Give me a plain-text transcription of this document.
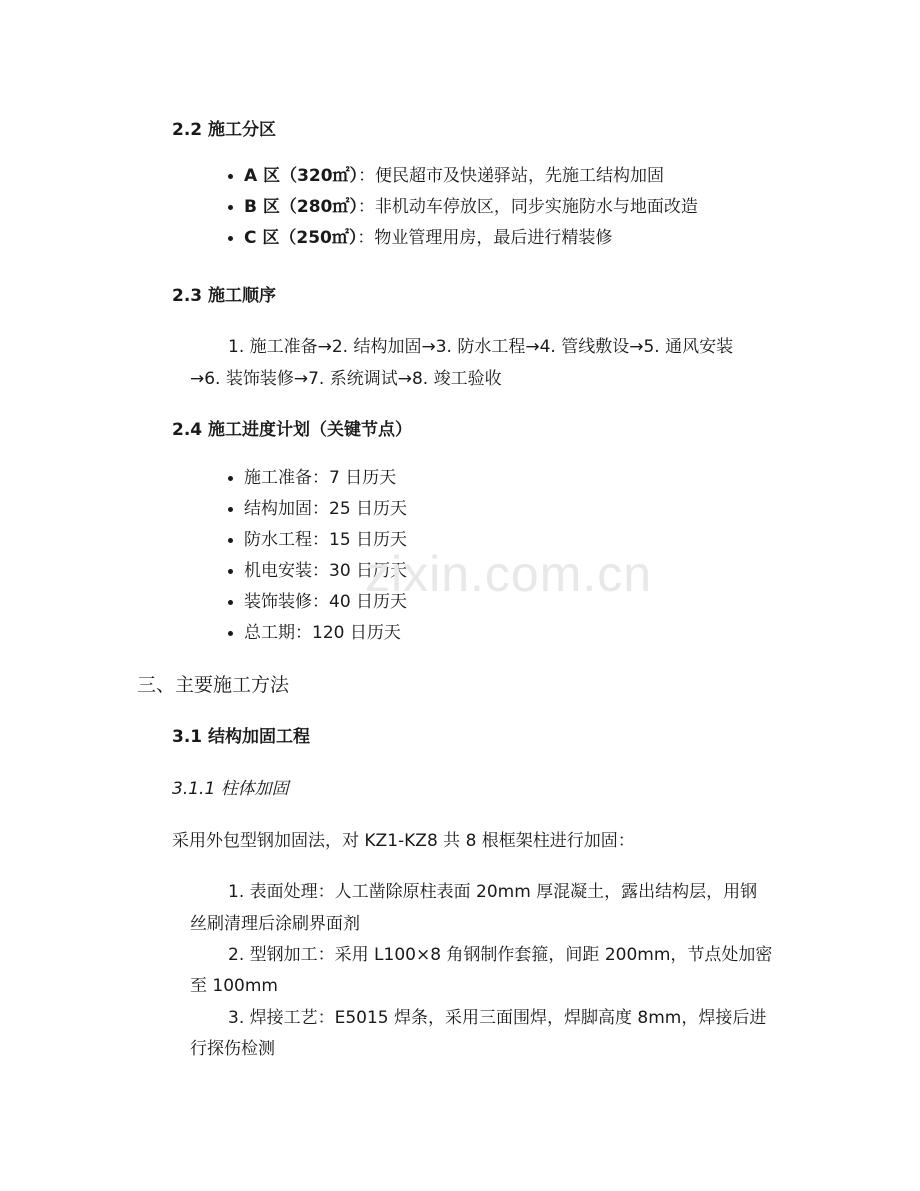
2.2 施工分区
A 区（320㎡）：便民超市及快递驿站，先施工结构加固
B 区（280㎡）：非机动车停放区，同步实施防水与地面改造
C 区（250㎡）：物业管理用房，最后进行精装修
2.3 施工顺序
1. 施工准备→2. 结构加固→3. 防水工程→4. 管线敷设→5. 通风安装
→6. 装饰装修→7. 系统调试→8. 竣工验收
2.4 施工进度计划（关键节点）
施工准备：7 日历天
结构加固：25 日历天
防水工程：15 日历天
机电安装：30 日历天
装饰装修：40 日历天
总工期：120 日历天
三、主要施工方法
3.1 结构加固工程
3.1.1 柱体加固
采用外包型钢加固法，对 KZ1-KZ8 共 8 根框架柱进行加固：
1. 表面处理：人工凿除原柱表面 20mm 厚混凝土，露出结构层，用钢
丝刷清理后涂刷界面剂
2. 型钢加工：采用 L100×8 角钢制作套箍，间距 200mm，节点处加密
至 100mm
3. 焊接工艺：E5015 焊条，采用三面围焊，焊脚高度 8mm，焊接后进
行探伤检测
zixin.com.cn
